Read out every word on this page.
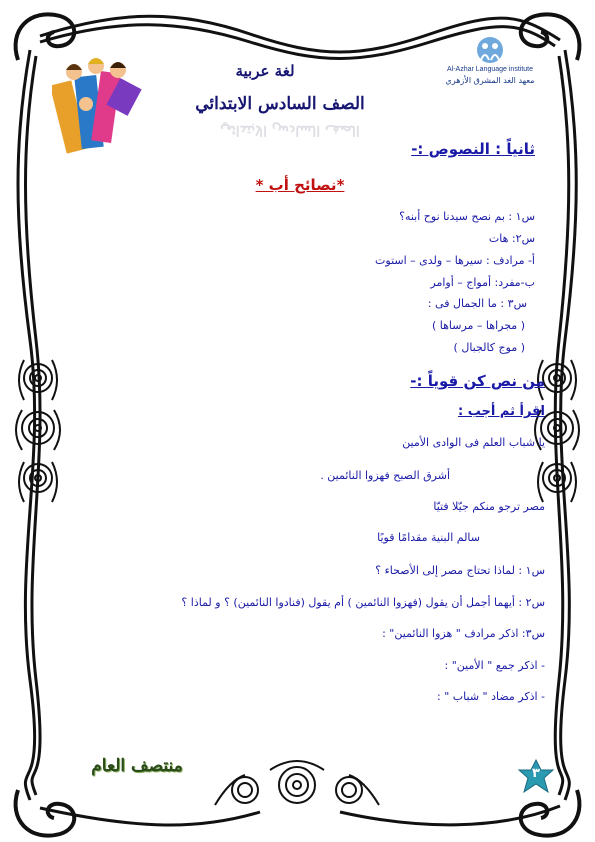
لغة عربية
الصف السادس الابتدائي
الصف السادس الابتدائي
Al-Azhar Language institute
معهد الغد المشرق الأزهري
ثانياً : النصوص :-
*نصائح أب *
س١ : بم نصح سيدنا نوح أبنه؟
س٢: هات
أ- مرادف : سيرها – ولدى – استوت
ب-مفرد: أمواج – أوامر
س٣ : ما الجمال فى :
( مجراها – مرساها )
( موج كالجبال )
من نص كن قوياً :-
اقرأ ثم أجب :
يا شباب العلم فى الوادى الأمين
أشرق الصبح فهزوا النائمين .
مصر ترجو منكم جيّلا فتيّا
سالم البنية مقدامًا قويًا
س١ : لماذا تحتاج مصر إلى الأصحاء ؟
س٢ : أيهما أجمل أن يقول (فهزوا النائمين ) أم يقول (فنادوا النائمين) ؟ و لماذا ؟
س٣: اذكر مرادف " هزوا النائمين" :
- اذكر جمع " الأمين" :
- اذكر مضاد " شباب " :
منتصف العام	٣
